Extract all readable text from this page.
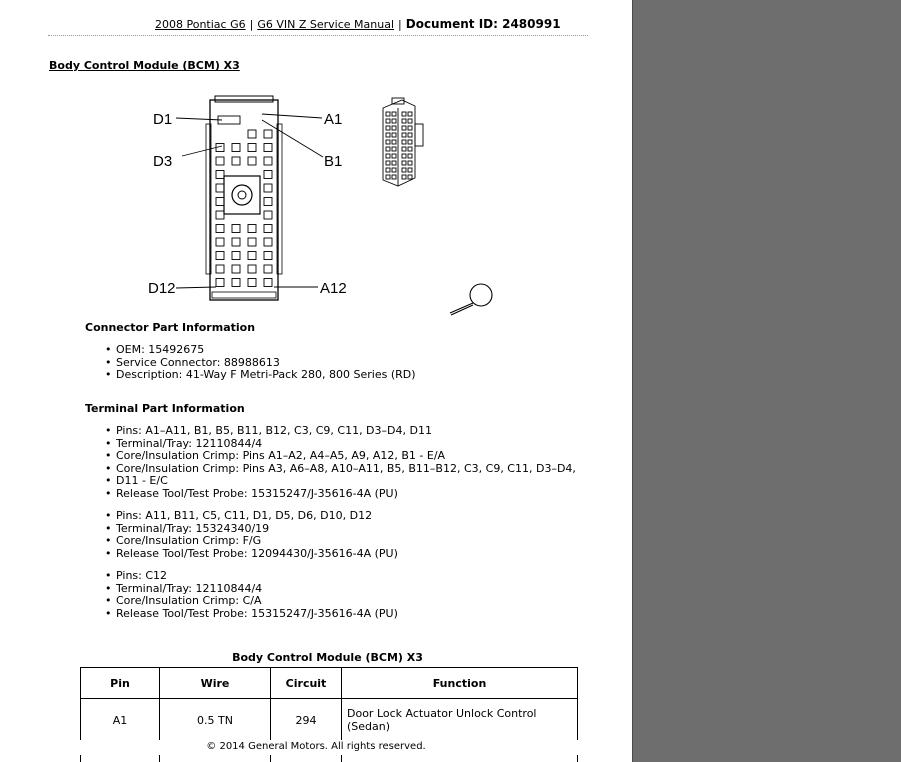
2008 Pontiac G6 | G6 VIN Z Service Manual | Document ID: 2480991
Body Control Module (BCM) X3
D1
D3
D12
A1
B1
A12
Connector Part Information
• OEM: 15492675
• Service Connector: 88988613
• Description: 41-Way F Metri-Pack 280, 800 Series (RD)
Terminal Part Information
• Pins: A1–A11, B1, B5, B11, B12, C3, C9, C11, D3–D4, D11
• Terminal/Tray: 12110844/4
• Core/Insulation Crimp: Pins A1–A2, A4–A5, A9, A12, B1 - E/A
• Core/Insulation Crimp: Pins A3, A6–A8, A10–A11, B5, B11–B12, C3, C9, C11, D3–D4,
• D11 - E/C
• Release Tool/Test Probe: 15315247/J-35616-4A (PU)
• Pins: A11, B11, C5, C11, D1, D5, D6, D10, D12
• Terminal/Tray: 15324340/19
• Core/Insulation Crimp: F/G
• Release Tool/Test Probe: 12094430/J-35616-4A (PU)
• Pins: C12
• Terminal/Tray: 12110844/4
• Core/Insulation Crimp: C/A
• Release Tool/Test Probe: 15315247/J-35616-4A (PU)
Body Control Module (BCM) X3
Pin	Wire	Circuit	Function
A1	0.5 TN	294	Door Lock Actuator Unlock Control (Sedan)

© 2014 General Motors. All rights reserved.
